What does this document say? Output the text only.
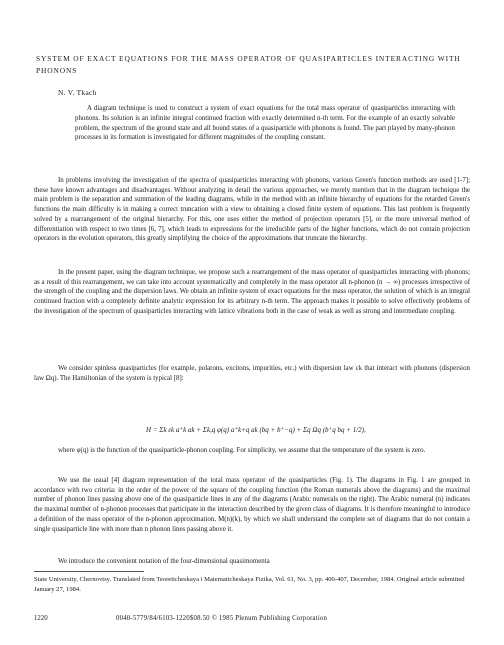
SYSTEM OF EXACT EQUATIONS FOR THE MASS OPERATOR OF QUASIPARTICLES INTERACTING WITH PHONONS
N. V. Tkach
A diagram technique is used to construct a system of exact equations for the total mass operator of quasiparticles interacting with phonons. Its solution is an infinite integral continued fraction with exactly determined n-th term. For the example of an exactly solvable problem, the spectrum of the ground state and all bound states of a quasiparticle with phonons is found. The part played by many-phonon processes in its formation is investigated for different magnitudes of the coupling constant.

In problems involving the investigation of the spectra of quasiparticles interacting with phonons, various Green's function methods are used [1-7]; these have known advantages and disadvantages. Without analyzing in detail the various approaches, we merely mention that in the diagram technique the main problem is the separation and summation of the leading diagrams, while in the method with an infinite hierarchy of equations for the retarded Green's functions the main difficulty is in making a correct truncation with a view to obtaining a closed finite system of equations. This last problem is frequently solved by a rearrangement of the original hierarchy. For this, one uses either the method of projection operators [5], or the more universal method of differentiation with respect to two times [6, 7], which leads to expressions for the irreducible parts of the higher functions, which do not contain projection operators in the evolution operators, this greatly simplifying the choice of the approximations that truncate the hierarchy.

In the present paper, using the diagram technique, we propose such a rearrangement of the mass operator of quasiparticles interacting with phonons; as a result of this rearrangement, we can take into account systematically and completely in the mass operator all n-phonon (n → ∞) processes irrespective of the strength of the coupling and the dispersion laws. We obtain an infinite system of exact equations for the mass operator, the solution of which is an integral continued fraction with a completely definite analytic expression for its arbitrary n-th term. The approach makes it possible to solve effectively problems of the investigation of the spectrum of quasiparticles interacting with lattice vibrations both in the case of weak as well as strong and intermediate coupling.

We consider spinless quasiparticles (for example, polarons, excitons, impurities, etc.) with dispersion law εk that interact with phonons (dispersion law Ωq). The Hamiltonian of the system is typical [8]:

H = Σk εk a⁺k ak + Σk,q φ(q) a⁺k+q ak (bq + b⁺−q) + Σq Ωq (b⁺q bq + 1/2),

where φ(q) is the function of the quasiparticle-phonon coupling. For simplicity, we assume that the temperature of the system is zero.

We use the usual [4] diagram representation of the total mass operator of the quasiparticles (Fig. 1). The diagrams in Fig. 1 are grouped in accordance with two criteria: in the order of the power of the square of the coupling function (the Roman numerals above the diagrams) and the maximal number of phonon lines passing above one of the quasiparticle lines in any of the diagrams (Arabic numerals on the right). The Arabic numeral (n) indicates the maximal number of n-phonon processes that participate in the interaction described by the given class of diagrams. It is therefore meaningful to introduce a definition of the mass operator of the n-phonon approximation, M(n)(k), by which we shall understand the complete set of diagrams that do not contain a single quasiparticle line with more than n phonon lines passing above it.

We introduce the convenient notation of the four-dimensional quasimomenta

State University, Chernovtsy. Translated from Teoreticheskaya i Matematicheskaya Fizika, Vol. 61, No. 3, pp. 400-407, December, 1984. Original article submitted January 27, 1984.
1220	0040-5779/84/6103-1220$08.50 © 1985 Plenum Publishing Corporation
